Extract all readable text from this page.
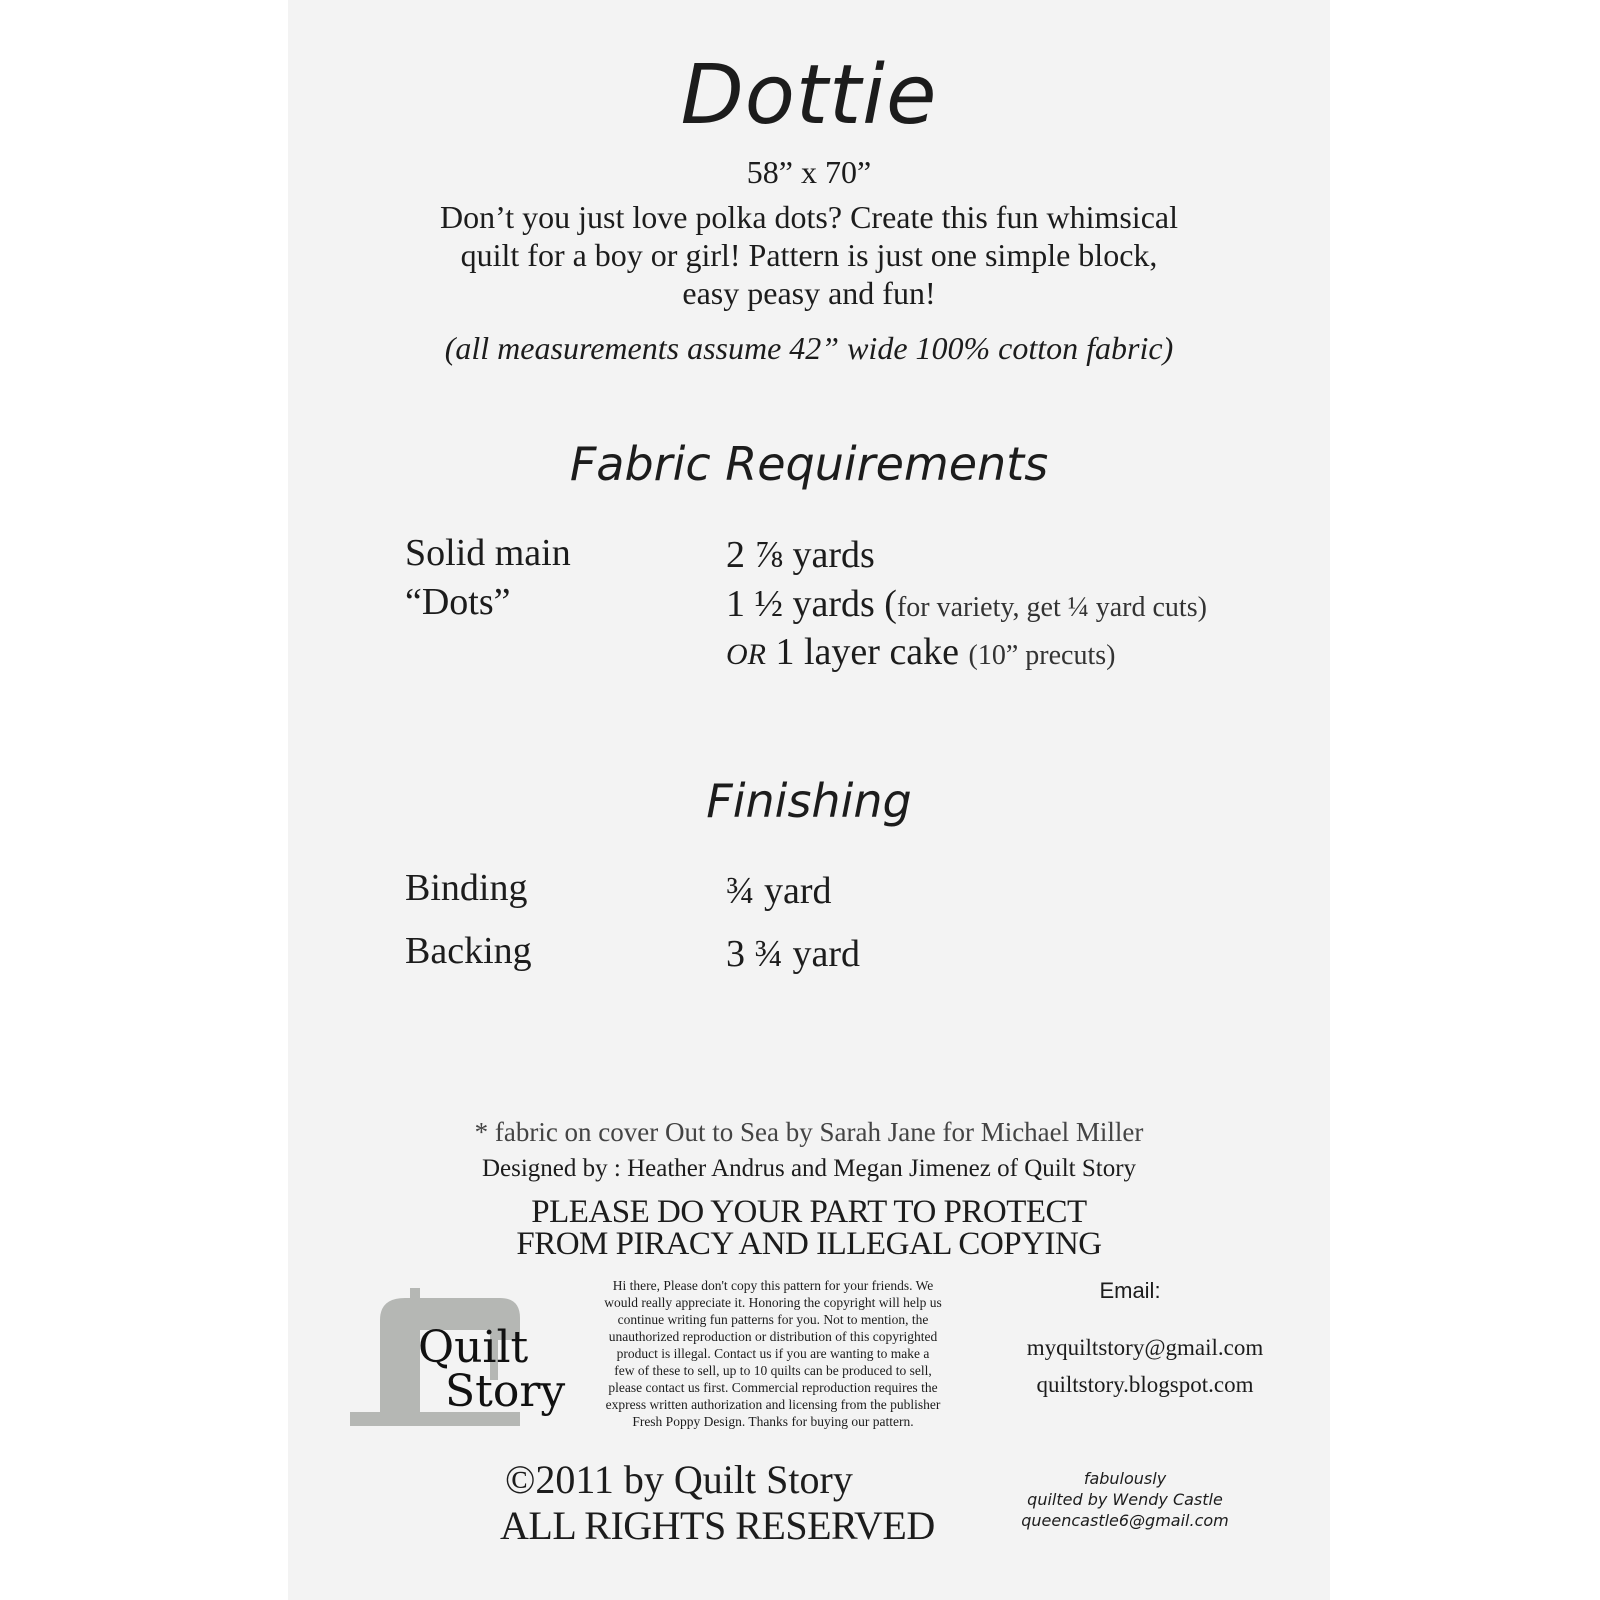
Dottie
58” x 70”
Don’t you just love polka dots? Create this fun whimsical
quilt for a boy or girl! Pattern is just one simple block,
easy peasy and fun!
(all measurements assume 42” wide 100% cotton fabric)
Fabric Requirements
Solid main	2 ⅞ yards
“Dots”	1 ½ yards (for variety, get ¼ yard cuts)
OR 1 layer cake (10” precuts)
Finishing
Binding	¾ yard
Backing	3 ¾ yard
* fabric on cover Out to Sea by Sarah Jane for Michael Miller
Designed by : Heather Andrus and Megan Jimenez of Quilt Story
PLEASE DO YOUR PART TO PROTECT
FROM PIRACY AND ILLEGAL COPYING
Quilt
Story
Hi there, Please don't copy this pattern for your friends. We
would really appreciate it. Honoring the copyright will help us
continue writing fun patterns for you. Not to mention, the
unauthorized reproduction or distribution of this copyrighted
product is illegal. Contact us if you are wanting to make a
few of these to sell, up to 10 quilts can be produced to sell,
please contact us first. Commercial reproduction requires the
express written authorization and licensing from the publisher
Fresh Poppy Design. Thanks for buying our pattern.
Email:
myquiltstory@gmail.com
quiltstory.blogspot.com
©2011 by Quilt Story
ALL RIGHTS RESERVED
fabulously
quilted by Wendy Castle
queencastle6@gmail.com
